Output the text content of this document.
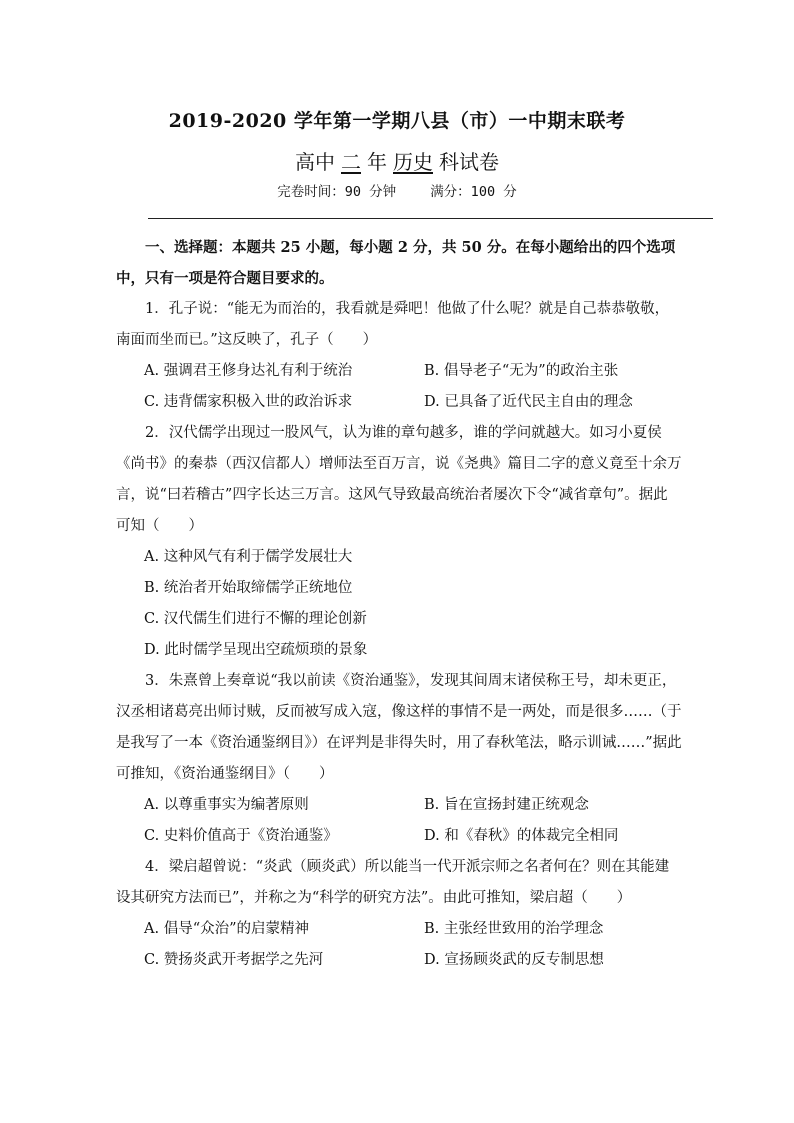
2019-2020 学年第一学期八县（市）一中期末联考
高中 二 年 历史 科试卷
完卷时间：90 分钟	满分：100 分

一、选择题：本题共 25 小题，每小题 2 分，共 50 分。在每小题给出的四个选项中，只有一项是符合题目要求的。

1．孔子说：“能无为而治的，我看就是舜吧！他做了什么呢？就是自己恭恭敬敬，南面而坐而已。”这反映了，孔子（　　）

A. 强调君王修身达礼有利于统治	B. 倡导老子“无为”的政治主张
C. 违背儒家积极入世的政治诉求	D. 已具备了近代民主自由的理念

2．汉代儒学出现过一股风气，认为谁的章句越多，谁的学问就越大。如习小夏侯《尚书》的秦恭（西汉信都人）增师法至百万言，说《尧典》篇目二字的意义竟至十余万言，说“曰若稽古”四字长达三万言。这风气导致最高统治者屡次下令“减省章句”。据此可知（　　）

A. 这种风气有利于儒学发展壮大
B. 统治者开始取缔儒学正统地位
C. 汉代儒生们进行不懈的理论创新
D. 此时儒学呈现出空疏烦琐的景象

3．朱熹曾上奏章说“我以前读《资治通鉴》，发现其间周末诸侯称王号，却未更正，汉丞相诸葛亮出师讨贼，反而被写成入寇，像这样的事情不是一两处，而是很多……（于是我写了一本《资治通鉴纲目》）在评判是非得失时，用了春秋笔法，略示训诫……”据此可推知，《资治通鉴纲目》（　　）

A. 以尊重事实为编著原则	B. 旨在宣扬封建正统观念
C. 史料价值高于《资治通鉴》	D. 和《春秋》的体裁完全相同

4．梁启超曾说：“炎武（顾炎武）所以能当一代开派宗师之名者何在？则在其能建设其研究方法而已”，并称之为“科学的研究方法”。由此可推知，梁启超（　　）

A. 倡导“众治”的启蒙精神	B. 主张经世致用的治学理念
C. 赞扬炎武开考据学之先河	D. 宣扬顾炎武的反专制思想
